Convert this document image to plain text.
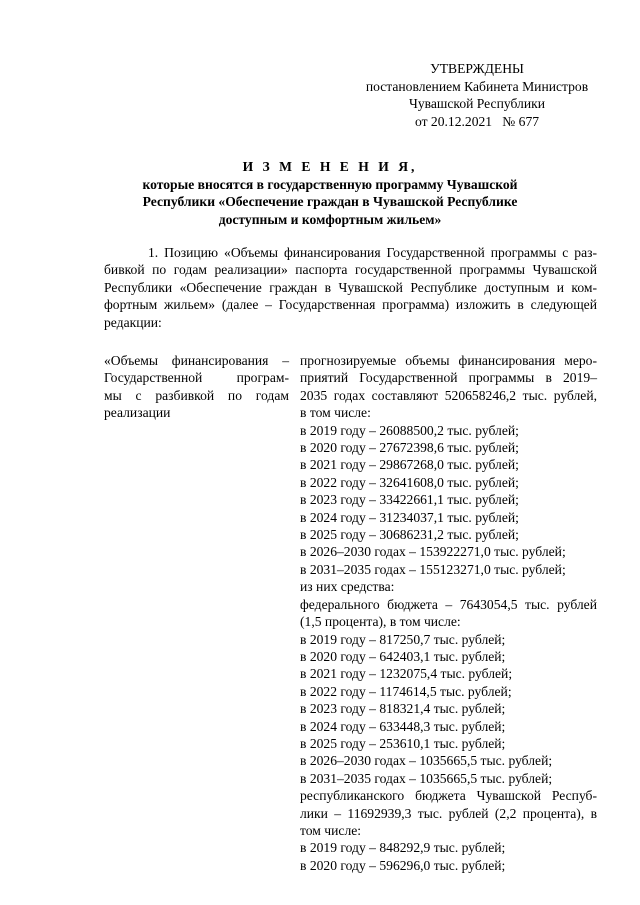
УТВЕРЖДЕНЫ
постановлением Кабинета Министров
Чувашской Республики
от 20.12.2021   № 677
И З М Е Н Е Н И Я,
которые вносятся в государственную программу Чувашской
Республики «Обеспечение граждан в Чувашской Республике
доступным и комфортным жильем»
1. Позицию «Объемы финансирования Государственной программы с раз-
бивкой по годам реализации» паспорта государственной программы Чувашской
Республики «Обеспечение граждан в Чувашской Республике доступным и ком-
фортным жильем» (далее – Государственная программа) изложить в следующей
редакции:
«Объемы финансирования –
Государственной програм-
мы с разбивкой по годам
реализации
прогнозируемые объемы финансирования меро-
приятий Государственной программы в 2019–
2035 годах составляют 520658246,2 тыс. рублей,
в том числе:
в 2019 году – 26088500,2 тыс. рублей;
в 2020 году – 27672398,6 тыс. рублей;
в 2021 году – 29867268,0 тыс. рублей;
в 2022 году – 32641608,0 тыс. рублей;
в 2023 году – 33422661,1 тыс. рублей;
в 2024 году – 31234037,1 тыс. рублей;
в 2025 году – 30686231,2 тыс. рублей;
в 2026–2030 годах – 153922271,0 тыс. рублей;
в 2031–2035 годах – 155123271,0 тыс. рублей;
из них средства:
федерального бюджета – 7643054,5 тыс. рублей
(1,5 процента), в том числе:
в 2019 году – 817250,7 тыс. рублей;
в 2020 году – 642403,1 тыс. рублей;
в 2021 году – 1232075,4 тыс. рублей;
в 2022 году – 1174614,5 тыс. рублей;
в 2023 году – 818321,4 тыс. рублей;
в 2024 году – 633448,3 тыс. рублей;
в 2025 году – 253610,1 тыс. рублей;
в 2026–2030 годах – 1035665,5 тыс. рублей;
в 2031–2035 годах – 1035665,5 тыс. рублей;
республиканского бюджета Чувашской Респуб-
лики – 11692939,3 тыс. рублей (2,2 процента), в
том числе:
в 2019 году – 848292,9 тыс. рублей;
в 2020 году – 596296,0 тыс. рублей;
